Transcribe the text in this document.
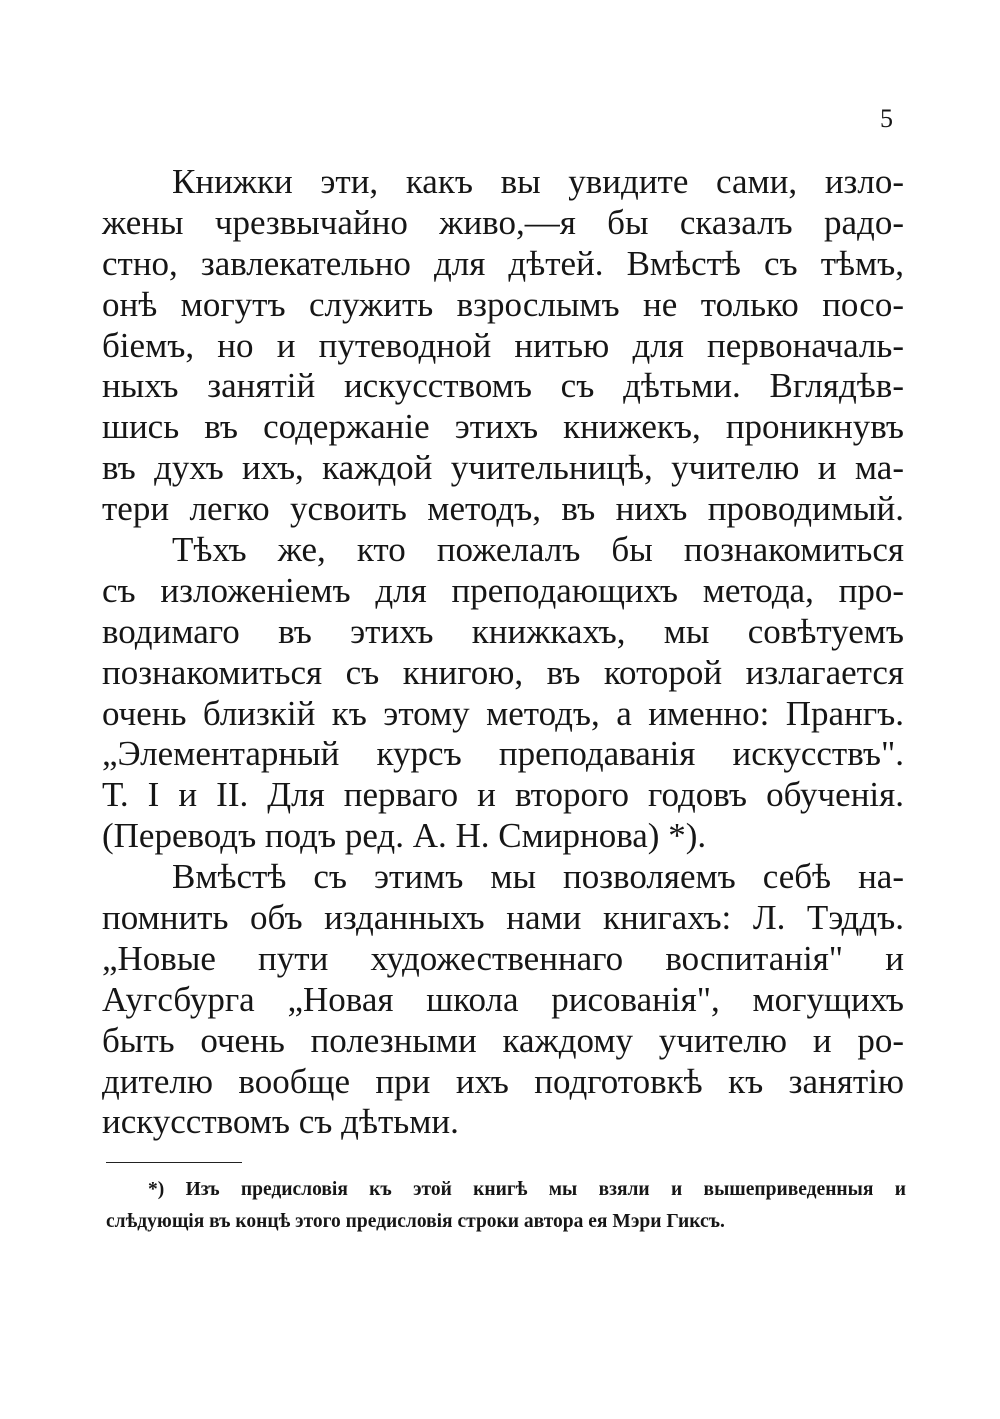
5
Книжки эти, какъ вы увидите сами, изло-
жены чрезвычайно живо,—я бы сказалъ радо-
стно, завлекательно для дѣтей. Вмѣстѣ съ тѣмъ,
онѣ могутъ служить взрослымъ не только посо-
біемъ, но и путеводной нитью для первоначаль-
ныхъ занятій искусствомъ съ дѣтьми. Вглядѣв-
шись въ содержаніе этихъ книжекъ, проникнувъ
въ духъ ихъ, каждой учительницѣ, учителю и ма-
тери легко усвоить методъ, въ нихъ проводимый.
Тѣхъ же, кто пожелалъ бы познакомиться
съ изложеніемъ для преподающихъ метода, про-
водимаго въ этихъ книжкахъ, мы совѣтуемъ
познакомиться съ книгою, въ которой излагается
очень близкій къ этому методъ, а именно: Прангъ.
„Элементарный курсъ преподаванія искусствъ".
Т. I и II. Для перваго и второго годовъ обученія.
(Переводъ подъ ред. А. Н. Смирнова) *).
Вмѣстѣ съ этимъ мы позволяемъ себѣ на-
помнить объ изданныхъ нами книгахъ: Л. Тэддъ.
„Новые пути художественнаго воспитанія" и
Аугсбурга „Новая школа рисованія", могущихъ
быть очень полезными каждому учителю и ро-
дителю вообще при ихъ подготовкѣ къ занятію
искусствомъ съ дѣтьми.
*) Изъ предисловія къ этой книгѣ мы взяли и вышеприведенныя и
слѣдующія въ концѣ этого предисловія строки автора ея Мэри Гиксъ.
